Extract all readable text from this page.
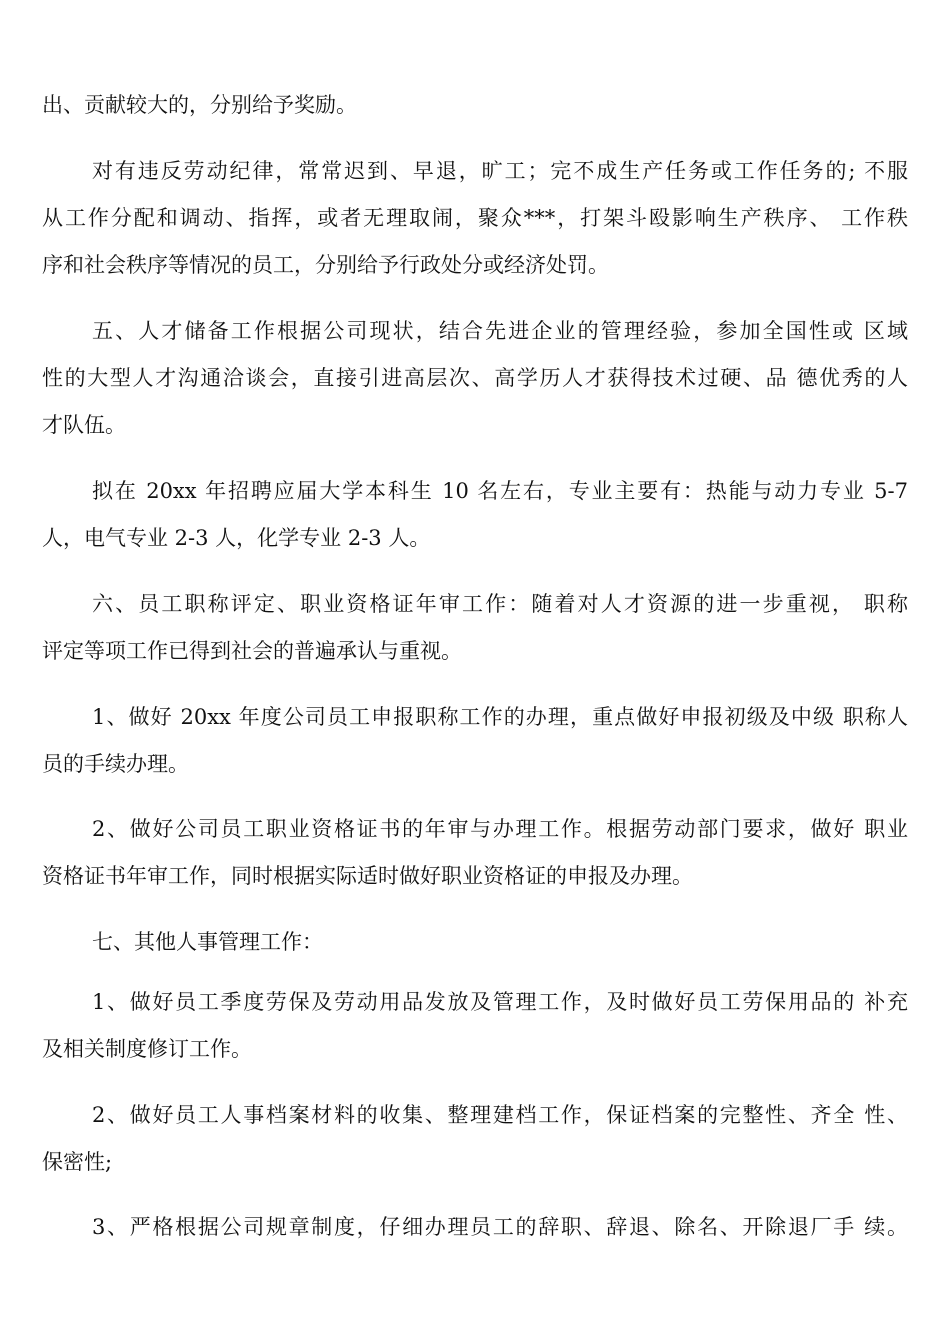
出、贡献较大的，分别给予奖励。
对有违反劳动纪律，常常迟到、早退，旷工；完不成生产任务或工作任务的; 不服
从工作分配和调动、指挥，或者无理取闹，聚众***，打架斗殴影响生产秩序、 工作秩
序和社会秩序等情况的员工，分别给予行政处分或经济处罚。
五、人才储备工作根据公司现状，结合先进企业的管理经验，参加全国性或 区域
性的大型人才沟通洽谈会，直接引进高层次、高学历人才获得技术过硬、品 德优秀的人
才队伍。
拟在 20xx 年招聘应届大学本科生 10 名左右，专业主要有：热能与动力专业 5-7
人，电气专业 2-3 人，化学专业 2-3 人。
六、员工职称评定、职业资格证年审工作：随着对人才资源的进一步重视， 职称
评定等项工作已得到社会的普遍承认与重视。
1、做好 20xx 年度公司员工申报职称工作的办理，重点做好申报初级及中级 职称人
员的手续办理。
2、做好公司员工职业资格证书的年审与办理工作。根据劳动部门要求，做好 职业
资格证书年审工作，同时根据实际适时做好职业资格证的申报及办理。
七、其他人事管理工作：
1、做好员工季度劳保及劳动用品发放及管理工作，及时做好员工劳保用品的 补充
及相关制度修订工作。
2、做好员工人事档案材料的收集、整理建档工作，保证档案的完整性、齐全 性、
保密性;
3、严格根据公司规章制度，仔细办理员工的辞职、辞退、除名、开除退厂手 续。
